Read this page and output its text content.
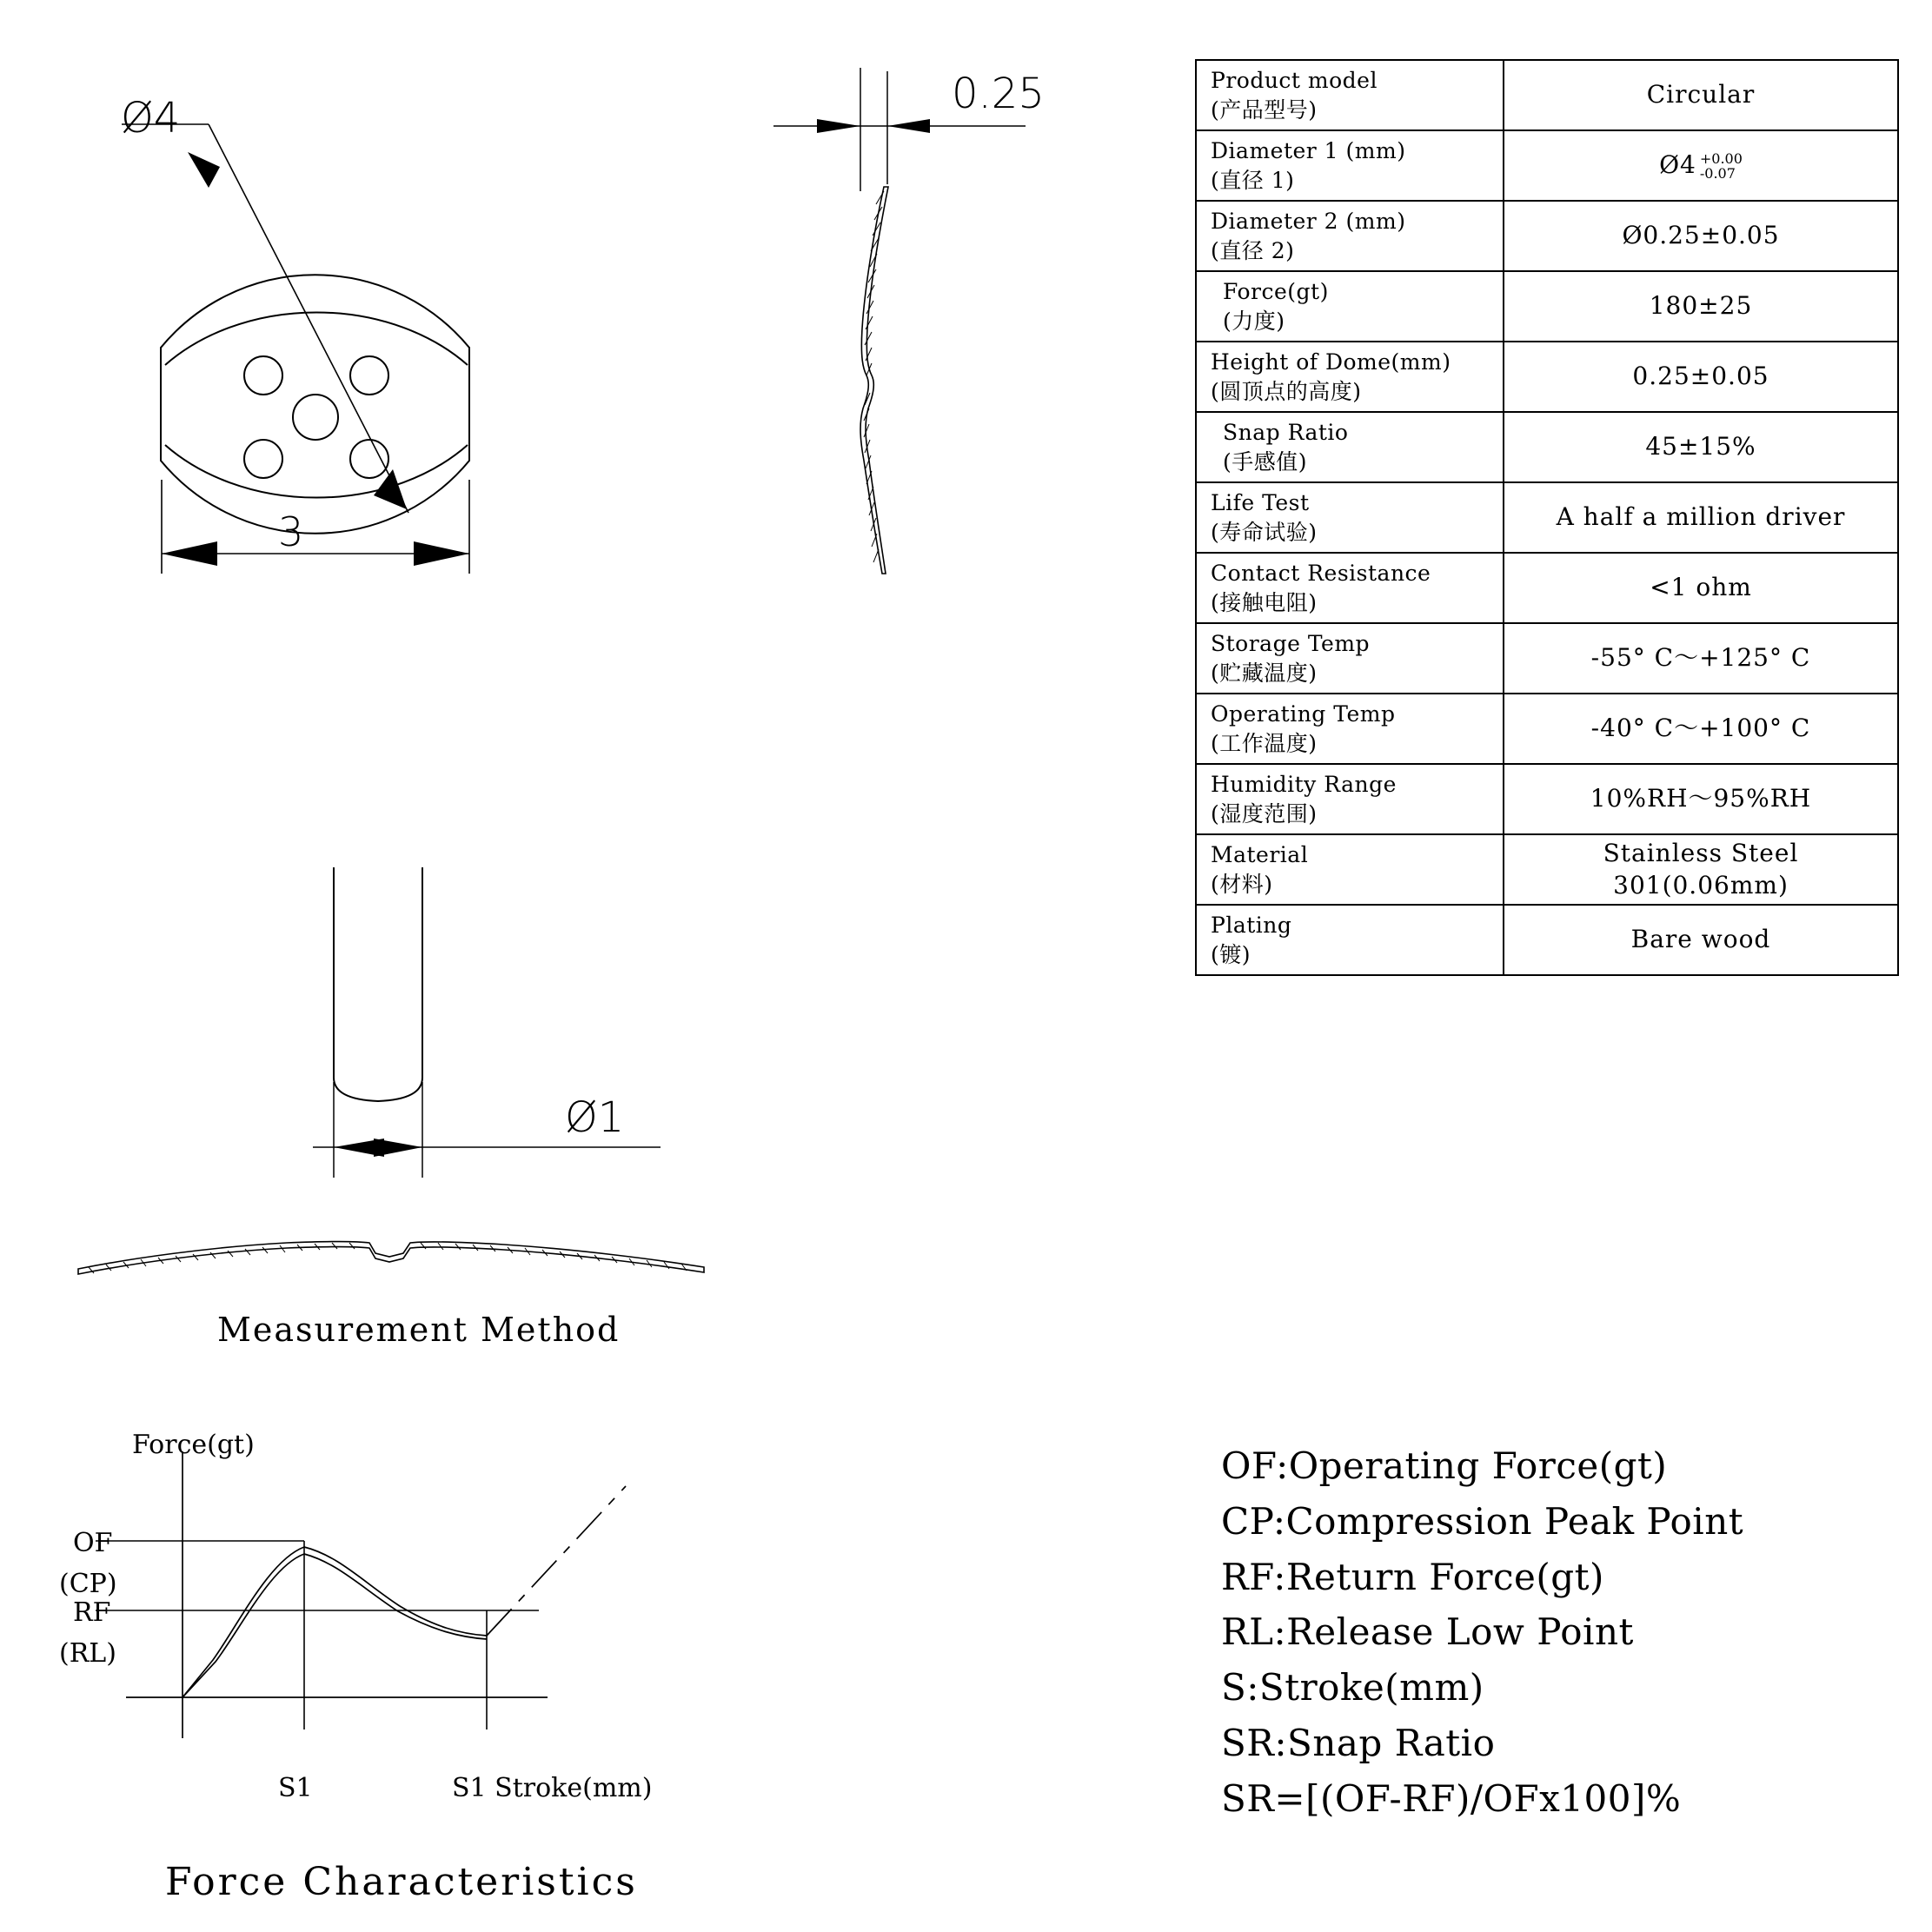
Ø4
3
0.25
Ø1
Measurement Method
Force(gt)
OF
(CP)
RF
(RL)
S1	S1 Stroke(mm)
Force Characteristics
Product model
(产品型号)	Circular

Diameter 1 (mm)
(直径 1)	Ø4 +0.00
-0.07

Diameter 2 (mm)
(直径 2)	Ø0.25±0.05

Force(gt)
(力度)	180±25

Height of Dome(mm)
(圆顶点的高度)	0.25±0.05

Snap Ratio
(手感值)	45±15%

Life Test
(寿命试验)	A half a million driver

Contact Resistance
(接触电阻)	<1 ohm

Storage Temp
(贮藏温度)	-55° C～+125° C

Operating Temp
(工作温度)	-40° C～+100° C

Humidity Range
(湿度范围)	10%RH～95%RH

Material
(材料)	Stainless Steel
301(0.06mm)

Plating
(镀)	Bare wood
OF:Operating Force(gt)
CP:Compression Peak Point
RF:Return Force(gt)
RL:Release Low Point
S:Stroke(mm)
SR:Snap Ratio
SR=[(OF-RF)/OFx100]%
